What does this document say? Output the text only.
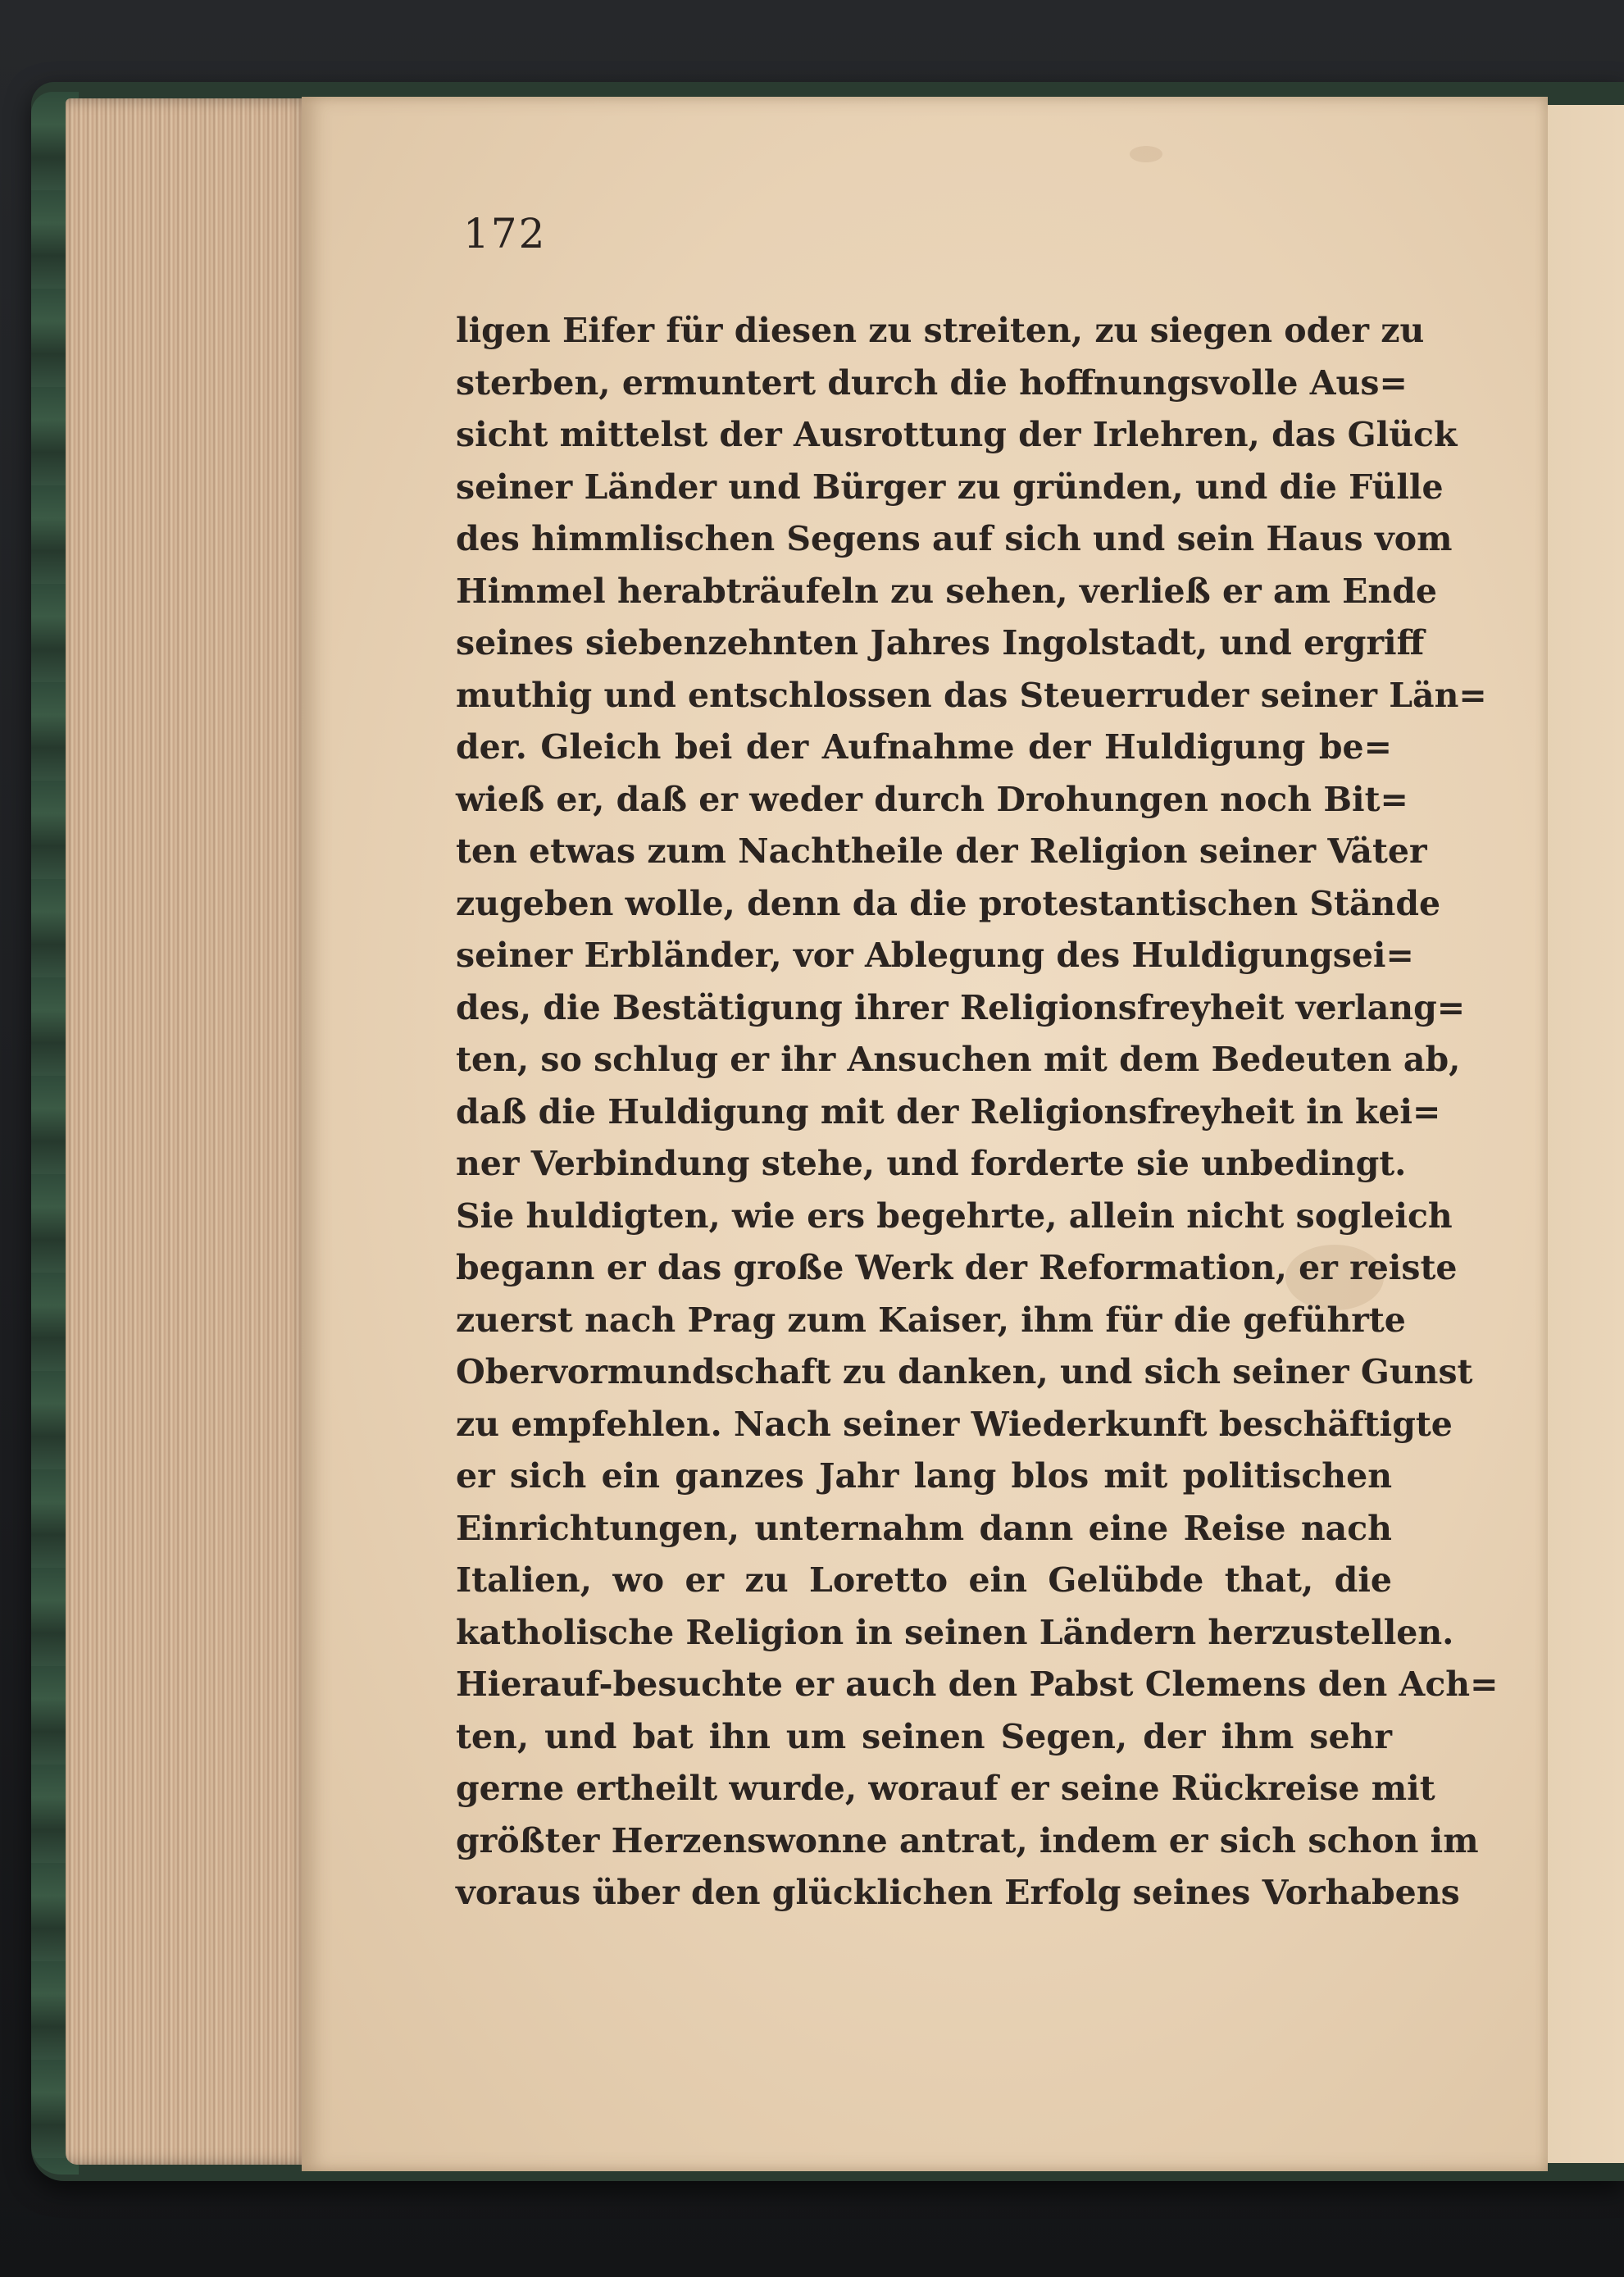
172
ligen Eifer für diesen zu streiten, zu siegen oder zu
sterben, ermuntert durch die hoffnungsvolle Aus=
sicht mittelst der Ausrottung der Irlehren, das Glück
seiner Länder und Bürger zu gründen, und die Fülle
des himmlischen Segens auf sich und sein Haus vom
Himmel herabträufeln zu sehen, verließ er am Ende
seines siebenzehnten Jahres Ingolstadt, und ergriff
muthig und entschlossen das Steuerruder seiner Län=
der. Gleich bei der Aufnahme der Huldigung be=
wieß er, daß er weder durch Drohungen noch Bit=
ten etwas zum Nachtheile der Religion seiner Väter
zugeben wolle, denn da die protestantischen Stände
seiner Erbländer, vor Ablegung des Huldigungsei=
des, die Bestätigung ihrer Religionsfreyheit verlang=
ten, so schlug er ihr Ansuchen mit dem Bedeuten ab,
daß die Huldigung mit der Religionsfreyheit in kei=
ner Verbindung stehe, und forderte sie unbedingt.
Sie huldigten, wie ers begehrte, allein nicht sogleich
begann er das große Werk der Reformation, er reiste
zuerst nach Prag zum Kaiser, ihm für die geführte
Obervormundschaft zu danken, und sich seiner Gunst
zu empfehlen. Nach seiner Wiederkunft beschäftigte
er sich ein ganzes Jahr lang blos mit politischen
Einrichtungen, unternahm dann eine Reise nach
Italien, wo er zu Loretto ein Gelübde that, die
katholische Religion in seinen Ländern herzustellen.
Hierauf-besuchte er auch den Pabst Clemens den Ach=
ten, und bat ihn um seinen Segen, der ihm sehr
gerne ertheilt wurde, worauf er seine Rückreise mit
größter Herzenswonne antrat, indem er sich schon im
voraus über den glücklichen Erfolg seines Vorhabens
